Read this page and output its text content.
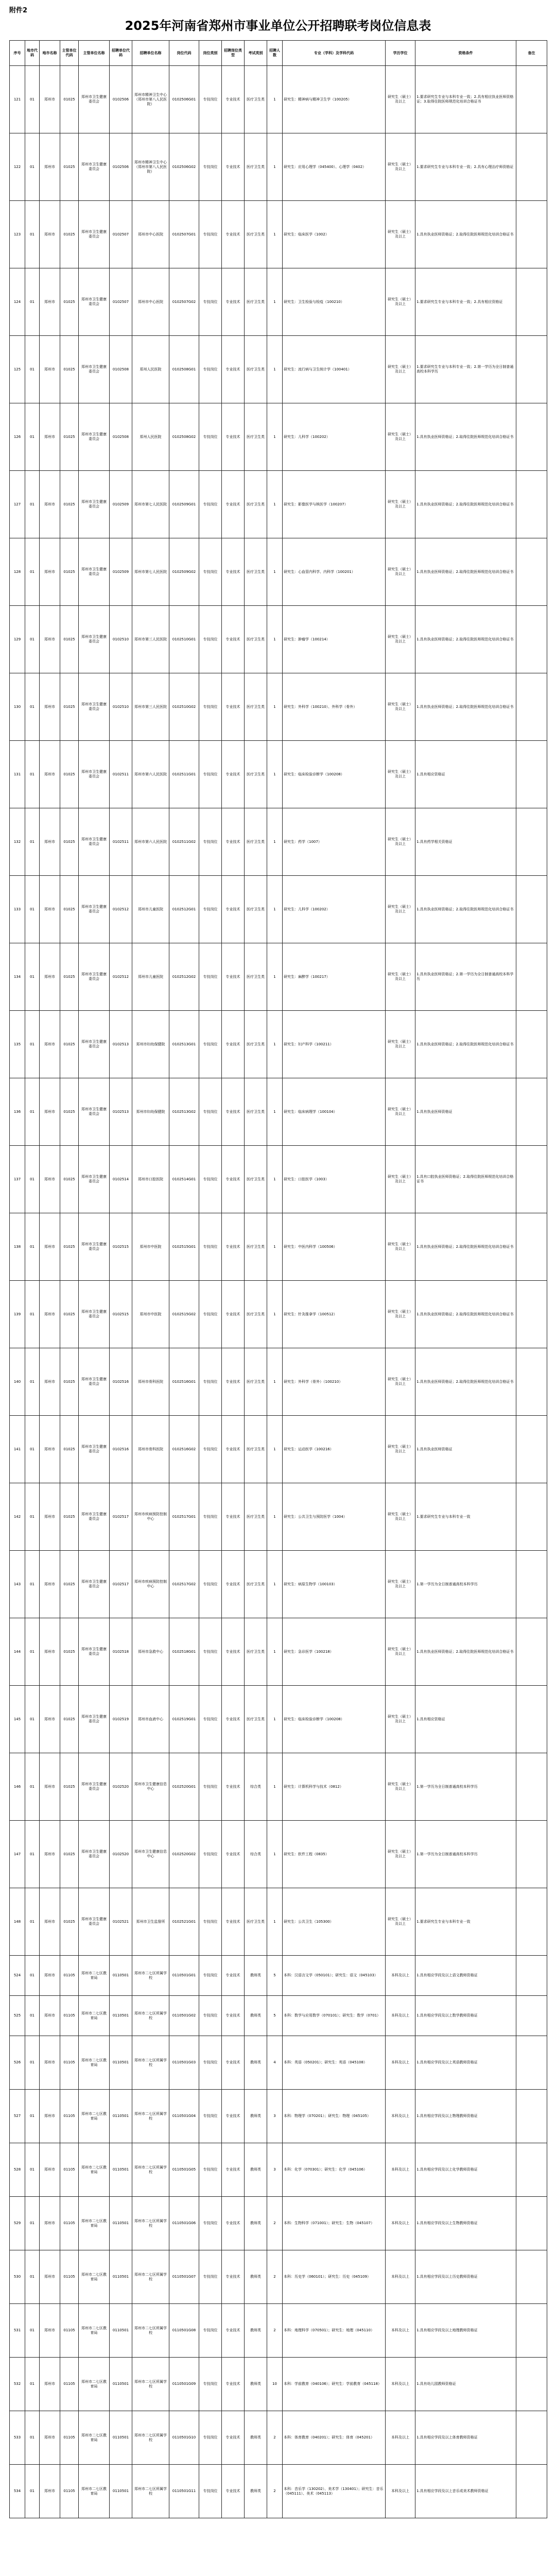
附件2
2025年河南省郑州市事业单位公开招聘联考岗位信息表
序号	地市代码	地市名称	主管单位代码	主管单位名称	招聘单位代码	招聘单位名称	岗位代码	岗位类别	招聘岗位类型	考试类别	招聘人数	专业（学科）及学科代码	学历学位	资格条件	备注
121	01	郑州市	01025	郑州市卫生健康委员会	0102506	郑州市精神卫生中心（郑州市第八人民医院）	0102506G01	专技岗位	专业技术	医疗卫生类	1	研究生：精神病与精神卫生学（100205）	研究生（硕士）及以上	1.要求研究生专业与本科专业一致；2.具有相应执业医师资格证；3.取得住院医师规范化培训合格证书	
122	01	郑州市	01025	郑州市卫生健康委员会	0102506	郑州市精神卫生中心（郑州市第八人民医院）	0102506G02	专技岗位	专业技术	医疗卫生类	1	研究生：应用心理学（045400）、心理学（0402）	研究生（硕士）及以上	1.要求研究生专业与本科专业一致；2.具有心理治疗师资格证	
123	01	郑州市	01025	郑州市卫生健康委员会	0102507	郑州市中心医院	0102507G01	专技岗位	专业技术	医疗卫生类	1	研究生：临床医学（1002）	研究生（硕士）及以上	1.具有执业医师资格证；2.取得住院医师规范化培训合格证书	
124	01	郑州市	01025	郑州市卫生健康委员会	0102507	郑州市中心医院	0102507G02	专技岗位	专业技术	医疗卫生类	1	研究生：卫生检验与检疫（100210）	研究生（硕士）及以上	1.要求研究生专业与本科专业一致；2.具有相应资格证	
125	01	郑州市	01025	郑州市卫生健康委员会	0102508	郑州人民医院	0102508G01	专技岗位	专业技术	医疗卫生类	1	研究生：流行病与卫生统计学（100401）	研究生（硕士）及以上	1.要求研究生专业与本科专业一致；2.第一学历为全日制普通高校本科学历	
126	01	郑州市	01025	郑州市卫生健康委员会	0102508	郑州人民医院	0102508G02	专技岗位	专业技术	医疗卫生类	1	研究生：儿科学（100202）	研究生（硕士）及以上	1.具有执业医师资格证；2.取得住院医师规范化培训合格证书	
127	01	郑州市	01025	郑州市卫生健康委员会	0102509	郑州市第七人民医院	0102509G01	专技岗位	专业技术	医疗卫生类	1	研究生：影像医学与核医学（100207）	研究生（硕士）及以上	1.具有执业医师资格证；2.取得住院医师规范化培训合格证书	
128	01	郑州市	01025	郑州市卫生健康委员会	0102509	郑州市第七人民医院	0102509G02	专技岗位	专业技术	医疗卫生类	1	研究生：心血管内科学、内科学（100201）	研究生（硕士）及以上	1.具有执业医师资格证；2.取得住院医师规范化培训合格证书	
129	01	郑州市	01025	郑州市卫生健康委员会	0102510	郑州市第三人民医院	0102510G01	专技岗位	专业技术	医疗卫生类	1	研究生：肿瘤学（100214）	研究生（硕士）及以上	1.具有执业医师资格证；2.取得住院医师规范化培训合格证书	
130	01	郑州市	01025	郑州市卫生健康委员会	0102510	郑州市第三人民医院	0102510G02	专技岗位	专业技术	医疗卫生类	1	研究生：外科学（100210）、外科学（骨外）	研究生（硕士）及以上	1.具有执业医师资格证；2.取得住院医师规范化培训合格证书	
131	01	郑州市	01025	郑州市卫生健康委员会	0102511	郑州市第六人民医院	0102511G01	专技岗位	专业技术	医疗卫生类	1	研究生：临床检验诊断学（100208）	研究生（硕士）及以上	1.具有相应资格证	
132	01	郑州市	01025	郑州市卫生健康委员会	0102511	郑州市第六人民医院	0102511G02	专技岗位	专业技术	医疗卫生类	1	研究生：药学（1007）	研究生（硕士）及以上	1.具有药学相关资格证	
133	01	郑州市	01025	郑州市卫生健康委员会	0102512	郑州市儿童医院	0102512G01	专技岗位	专业技术	医疗卫生类	1	研究生：儿科学（100202）	研究生（硕士）及以上	1.具有执业医师资格证；2.取得住院医师规范化培训合格证书	
134	01	郑州市	01025	郑州市卫生健康委员会	0102512	郑州市儿童医院	0102512G02	专技岗位	专业技术	医疗卫生类	1	研究生：麻醉学（100217）	研究生（硕士）及以上	1.具有执业医师资格证；2.第一学历为全日制普通高校本科学历	
135	01	郑州市	01025	郑州市卫生健康委员会	0102513	郑州市妇幼保健院	0102513G01	专技岗位	专业技术	医疗卫生类	1	研究生：妇产科学（100211）	研究生（硕士）及以上	1.具有执业医师资格证；2.取得住院医师规范化培训合格证书	
136	01	郑州市	01025	郑州市卫生健康委员会	0102513	郑州市妇幼保健院	0102513G02	专技岗位	专业技术	医疗卫生类	1	研究生：临床病理学（100104）	研究生（硕士）及以上	1.具有执业医师资格证	
137	01	郑州市	01025	郑州市卫生健康委员会	0102514	郑州市口腔医院	0102514G01	专技岗位	专业技术	医疗卫生类	1	研究生：口腔医学（1003）	研究生（硕士）及以上	1.具有口腔执业医师资格证；2.取得住院医师规范化培训合格证书	
138	01	郑州市	01025	郑州市卫生健康委员会	0102515	郑州市中医院	0102515G01	专技岗位	专业技术	医疗卫生类	1	研究生：中医内科学（100506）	研究生（硕士）及以上	1.具有执业医师资格证；2.取得住院医师规范化培训合格证书	
139	01	郑州市	01025	郑州市卫生健康委员会	0102515	郑州市中医院	0102515G02	专技岗位	专业技术	医疗卫生类	1	研究生：针灸推拿学（100512）	研究生（硕士）及以上	1.具有执业医师资格证；2.取得住院医师规范化培训合格证书	
140	01	郑州市	01025	郑州市卫生健康委员会	0102516	郑州市骨科医院	0102516G01	专技岗位	专业技术	医疗卫生类	1	研究生：外科学（骨外）（100210）	研究生（硕士）及以上	1.具有执业医师资格证；2.取得住院医师规范化培训合格证书	
141	01	郑州市	01025	郑州市卫生健康委员会	0102516	郑州市骨科医院	0102516G02	专技岗位	专业技术	医疗卫生类	1	研究生：运动医学（100216）	研究生（硕士）及以上	1.具有执业医师资格证	
142	01	郑州市	01025	郑州市卫生健康委员会	0102517	郑州市疾病预防控制中心	0102517G01	专技岗位	专业技术	医疗卫生类	1	研究生：公共卫生与预防医学（1004）	研究生（硕士）及以上	1.要求研究生专业与本科专业一致	
143	01	郑州市	01025	郑州市卫生健康委员会	0102517	郑州市疾病预防控制中心	0102517G02	专技岗位	专业技术	医疗卫生类	1	研究生：病原生物学（100103）	研究生（硕士）及以上	1.第一学历为全日制普通高校本科学历	
144	01	郑州市	01025	郑州市卫生健康委员会	0102518	郑州市急救中心	0102518G01	专技岗位	专业技术	医疗卫生类	1	研究生：急诊医学（100218）	研究生（硕士）及以上	1.具有执业医师资格证；2.取得住院医师规范化培训合格证书	
145	01	郑州市	01025	郑州市卫生健康委员会	0102519	郑州市血液中心	0102519G01	专技岗位	专业技术	医疗卫生类	1	研究生：临床检验诊断学（100208）	研究生（硕士）及以上	1.具有相应资格证	
146	01	郑州市	01025	郑州市卫生健康委员会	0102520	郑州市卫生健康信息中心	0102520G01	专技岗位	专业技术	综合类	1	研究生：计算机科学与技术（0812）	研究生（硕士）及以上	1.第一学历为全日制普通高校本科学历	
147	01	郑州市	01025	郑州市卫生健康委员会	0102520	郑州市卫生健康信息中心	0102520G02	专技岗位	专业技术	综合类	1	研究生：软件工程（0835）	研究生（硕士）及以上	1.第一学历为全日制普通高校本科学历	
148	01	郑州市	01025	郑州市卫生健康委员会	0102521	郑州市卫生监督所	0102521G01	专技岗位	专业技术	医疗卫生类	1	研究生：公共卫生（105300）	研究生（硕士）及以上	1.要求研究生专业与本科专业一致	
524	01	郑州市	01105	郑州市二七区教育局	0110501	郑州市二七区所属学校	0110501G01	专技岗位	专业技术	教师类	5	本科：汉语言文学（050101）；研究生：语文（045103）	本科及以上	1.具有相应学段及以上语文教师资格证	
525	01	郑州市	01105	郑州市二七区教育局	0110501	郑州市二七区所属学校	0110501G02	专技岗位	专业技术	教师类	5	本科：数学与应用数学（070101）；研究生：数学（0701）	本科及以上	1.具有相应学段及以上数学教师资格证	
526	01	郑州市	01105	郑州市二七区教育局	0110501	郑州市二七区所属学校	0110501G03	专技岗位	专业技术	教师类	4	本科：英语（050201）；研究生：英语（045108）	本科及以上	1.具有相应学段及以上英语教师资格证	
527	01	郑州市	01105	郑州市二七区教育局	0110501	郑州市二七区所属学校	0110501G04	专技岗位	专业技术	教师类	3	本科：物理学（070201）；研究生：物理（045105）	本科及以上	1.具有相应学段及以上物理教师资格证	
528	01	郑州市	01105	郑州市二七区教育局	0110501	郑州市二七区所属学校	0110501G05	专技岗位	专业技术	教师类	3	本科：化学（070301）；研究生：化学（045106）	本科及以上	1.具有相应学段及以上化学教师资格证	
529	01	郑州市	01105	郑州市二七区教育局	0110501	郑州市二七区所属学校	0110501G06	专技岗位	专业技术	教师类	2	本科：生物科学（071001）；研究生：生物（045107）	本科及以上	1.具有相应学段及以上生物教师资格证	
530	01	郑州市	01105	郑州市二七区教育局	0110501	郑州市二七区所属学校	0110501G07	专技岗位	专业技术	教师类	2	本科：历史学（060101）；研究生：历史（045109）	本科及以上	1.具有相应学段及以上历史教师资格证	
531	01	郑州市	01105	郑州市二七区教育局	0110501	郑州市二七区所属学校	0110501G08	专技岗位	专业技术	教师类	2	本科：地理科学（070501）；研究生：地理（045110）	本科及以上	1.具有相应学段及以上地理教师资格证	
532	01	郑州市	01105	郑州市二七区教育局	0110501	郑州市二七区所属学校	0110501G09	专技岗位	专业技术	教师类	10	本科：学前教育（040106）；研究生：学前教育（045118）	本科及以上	1.具有幼儿园教师资格证	
533	01	郑州市	01105	郑州市二七区教育局	0110501	郑州市二七区所属学校	0110501G10	专技岗位	专业技术	教师类	2	本科：体育教育（040201）；研究生：体育（045201）	本科及以上	1.具有相应学段及以上体育教师资格证	
534	01	郑州市	01105	郑州市二七区教育局	0110501	郑州市二七区所属学校	0110501G11	专技岗位	专业技术	教师类	2	本科：音乐学（130202）、美术学（130401）；研究生：音乐（045111）、美术（045113）	本科及以上	1.具有相应学段及以上音乐或美术教师资格证	
